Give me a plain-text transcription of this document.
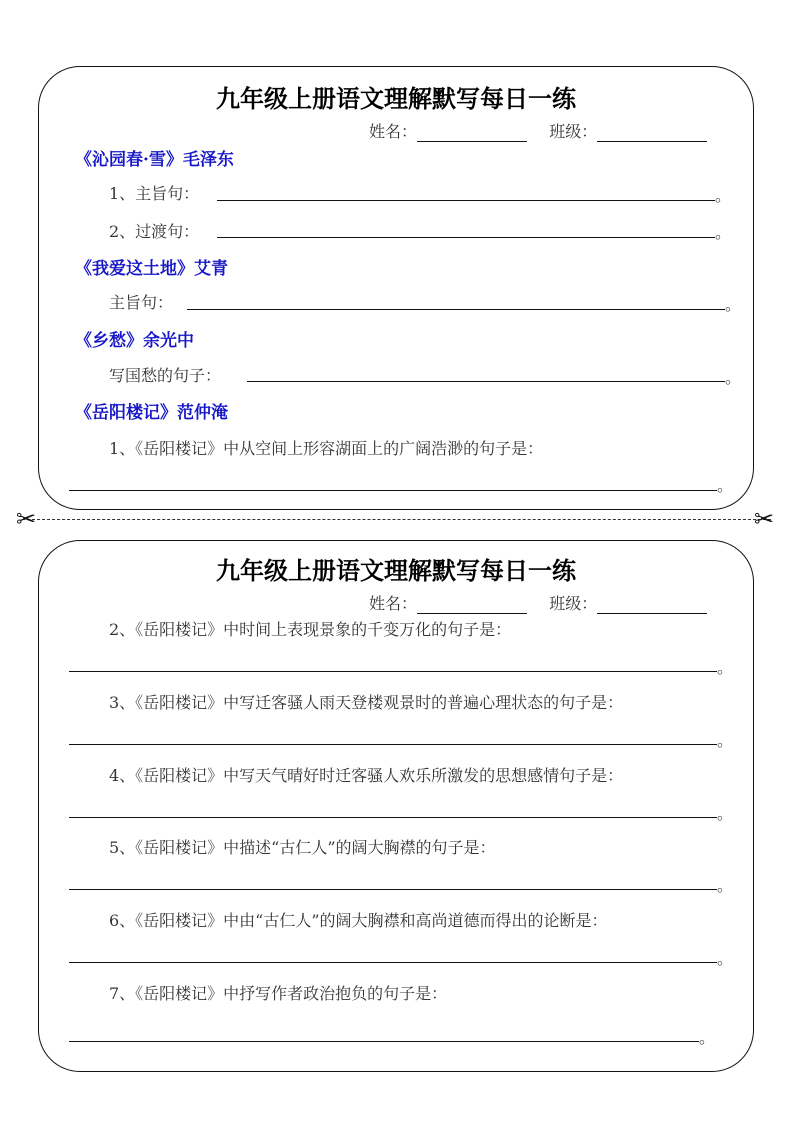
九年级上册语文理解默写每日一练
姓名：	班级：
《沁园春·雪》毛泽东
1、主旨句：	。
2、过渡句：	。
《我爱这土地》艾青
主旨句：	。
《乡愁》余光中
写国愁的句子：	。
《岳阳楼记》范仲淹
1、《岳阳楼记》中从空间上形容湖面上的广阔浩渺的句子是：
。
✂	✂
九年级上册语文理解默写每日一练
姓名：	班级：
2、《岳阳楼记》中时间上表现景象的千变万化的句子是：
。
3、《岳阳楼记》中写迁客骚人雨天登楼观景时的普遍心理状态的句子是：
。
4、《岳阳楼记》中写天气晴好时迁客骚人欢乐所激发的思想感情句子是：
。
5、《岳阳楼记》中描述“古仁人”的阔大胸襟的句子是：
。
6、《岳阳楼记》中由“古仁人”的阔大胸襟和高尚道德而得出的论断是：
。
7、《岳阳楼记》中抒写作者政治抱负的句子是：
。
